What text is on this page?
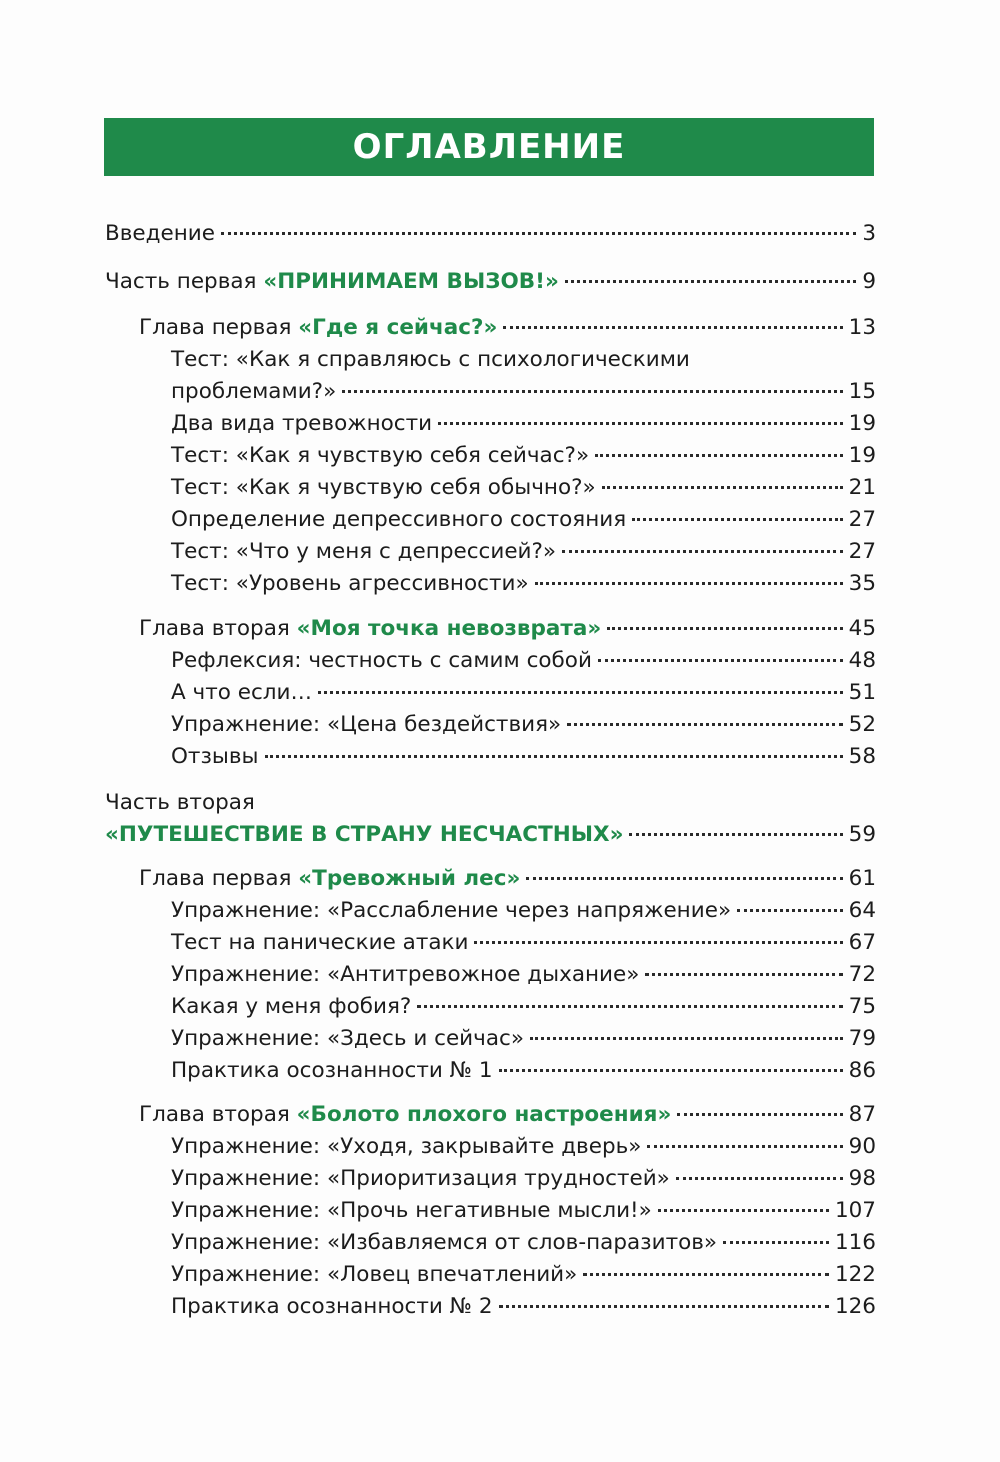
ОГЛАВЛЕНИЕ
Введение	3
Часть первая «ПРИНИМАЕМ ВЫЗОВ!»	9
Глава первая «Где я сейчас?»	13
Тест: «Как я справляюсь с психологическими
проблемами?»	15
Два вида тревожности	19
Тест: «Как я чувствую себя сейчас?»	19
Тест: «Как я чувствую себя обычно?»	21
Определение депрессивного состояния	27
Тест: «Что у меня с депрессией?»	27
Тест: «Уровень агрессивности»	35
Глава вторая «Моя точка невозврата»	45
Рефлексия: честность с самим собой	48
А что если…	51
Упражнение: «Цена бездействия»	52
Отзывы	58
Часть вторая
«ПУТЕШЕСТВИЕ В СТРАНУ НЕСЧАСТНЫХ»	59
Глава первая «Тревожный лес»	61
Упражнение: «Расслабление через напряжение»	64
Тест на панические атаки	67
Упражнение: «Антитревожное дыхание»	72
Какая у меня фобия?	75
Упражнение: «Здесь и сейчас»	79
Практика осознанности № 1	86
Глава вторая «Болото плохого настроения»	87
Упражнение: «Уходя, закрывайте дверь»	90
Упражнение: «Приоритизация трудностей»	98
Упражнение: «Прочь негативные мысли!»	107
Упражнение: «Избавляемся от слов-паразитов»	116
Упражнение: «Ловец впечатлений»	122
Практика осознанности № 2	126
